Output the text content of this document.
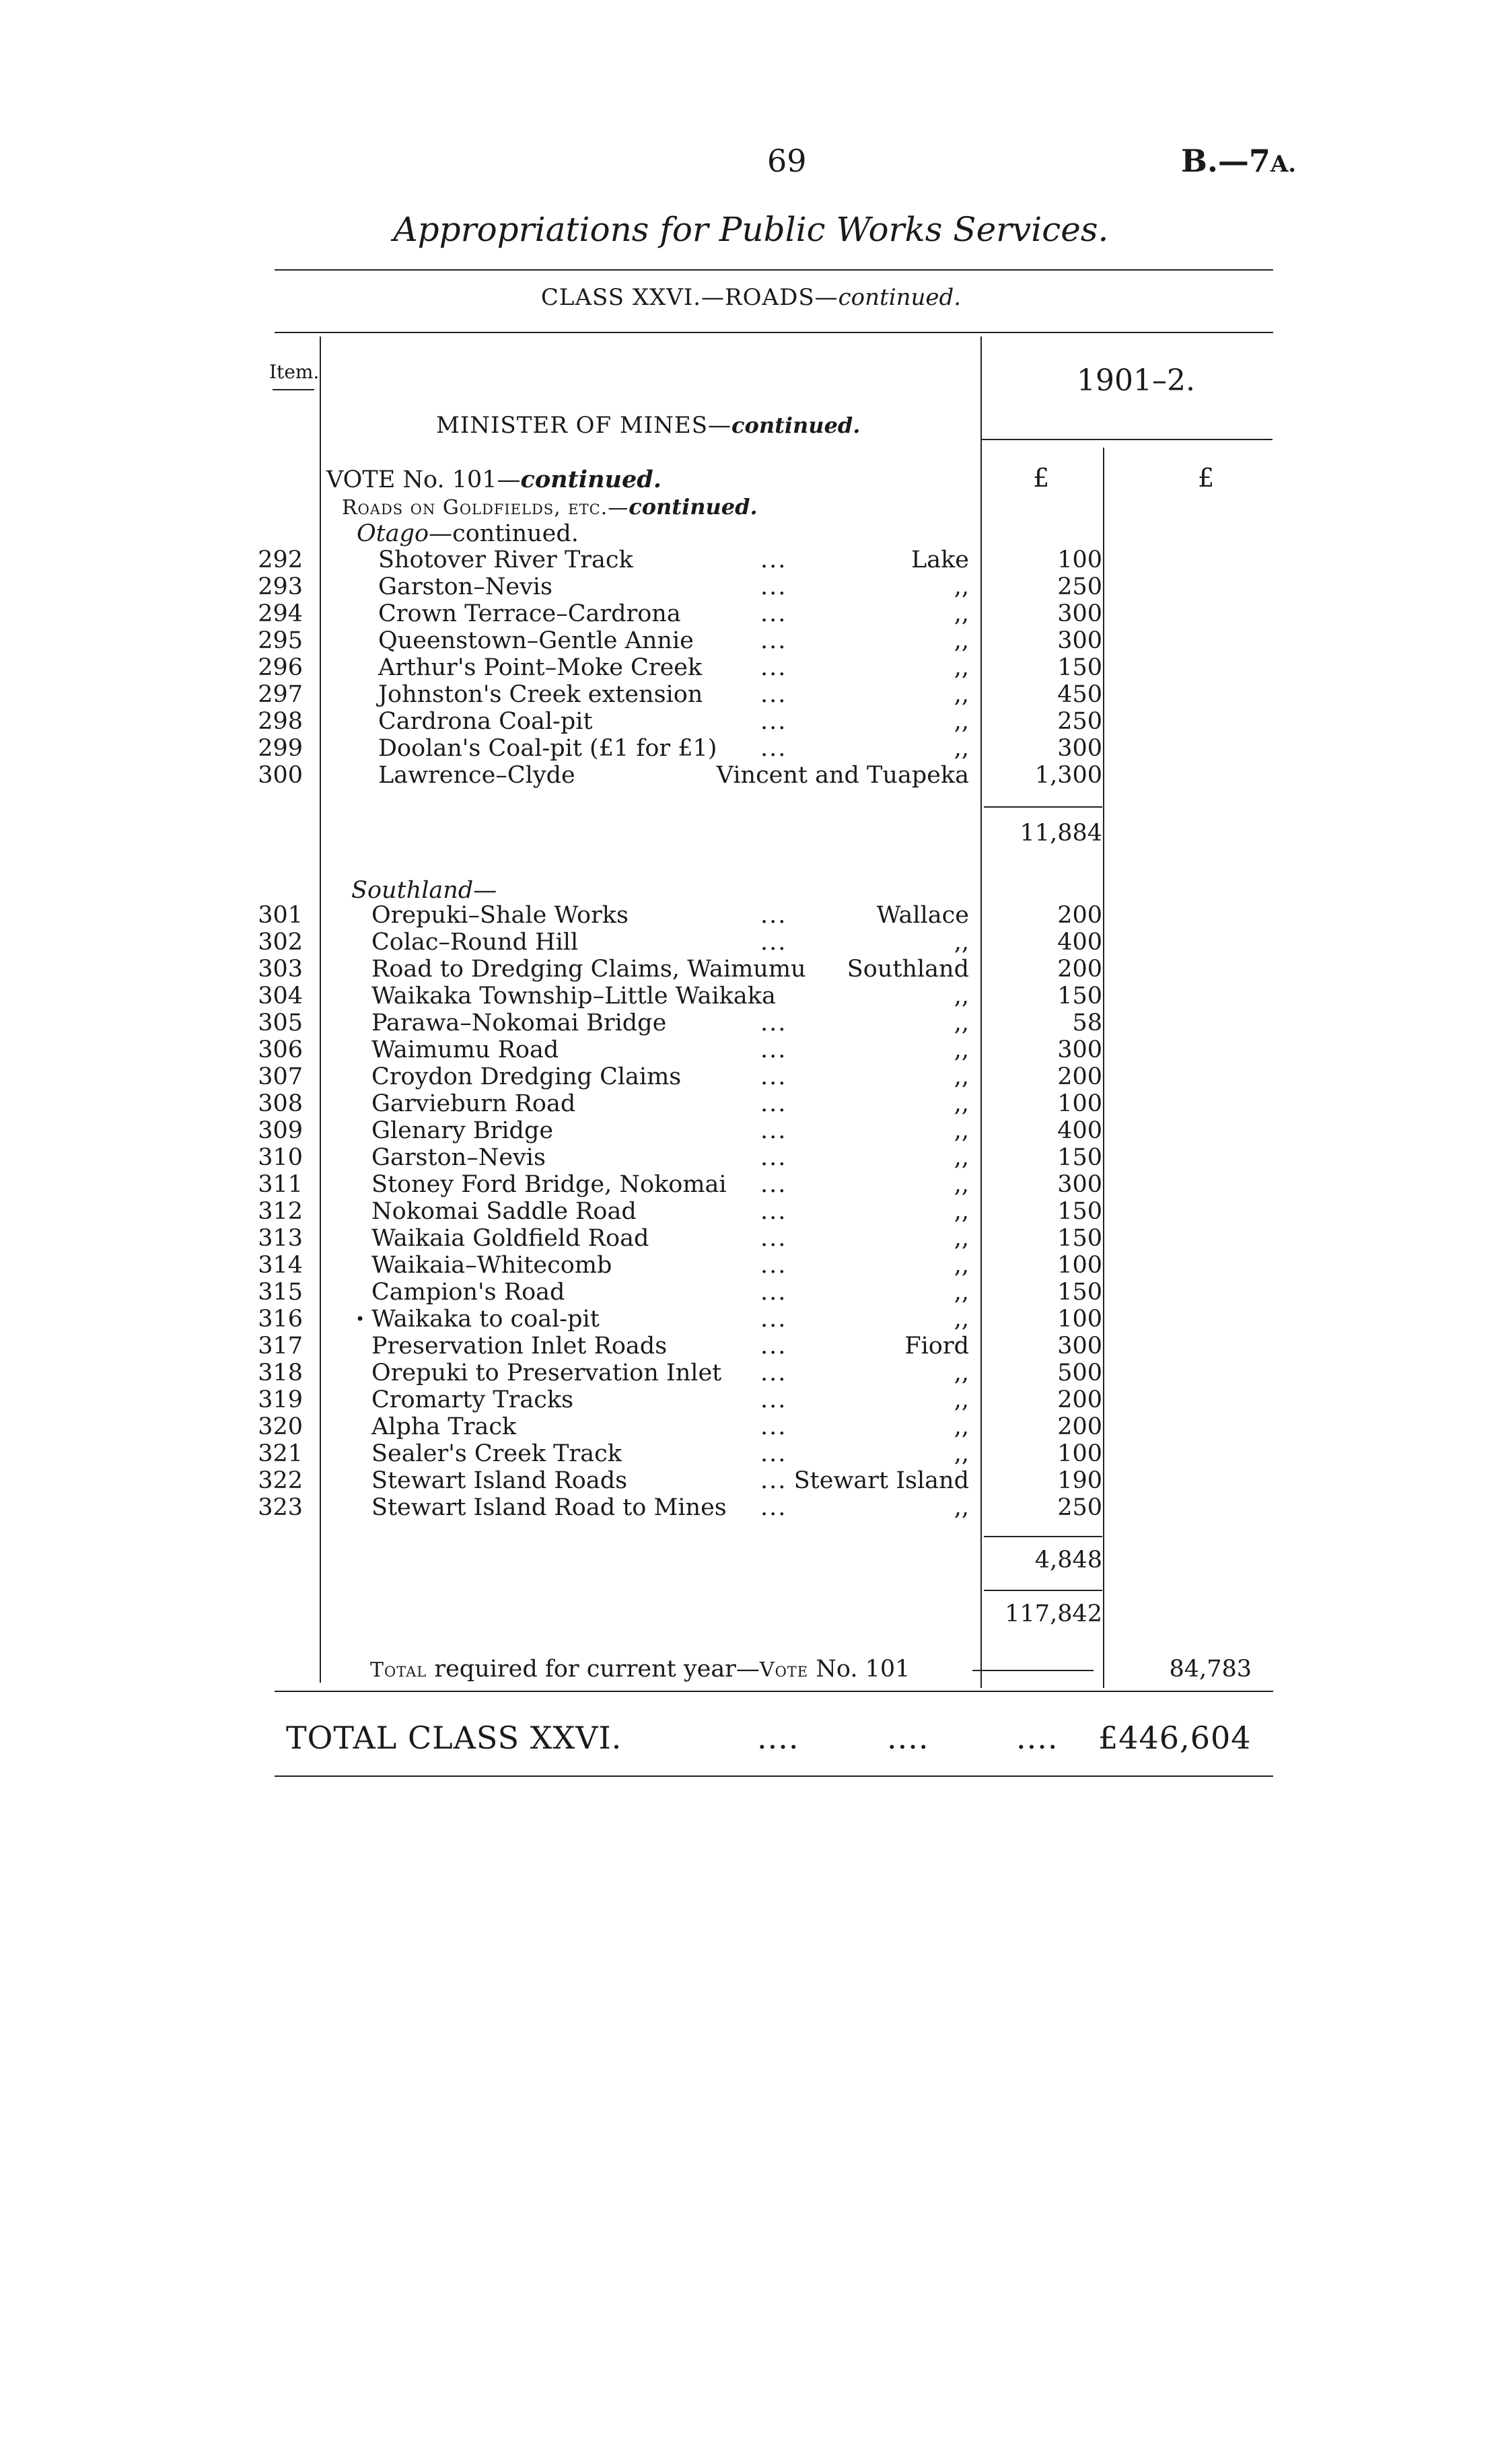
69	B.—7A.
Appropriations for Public Works Services.
CLASS XXVI.—ROADS—continued.
Item.	1901–2.
MINISTER OF MINES—continued.
£	£
VOTE No. 101—continued.
Roads on Goldfields, etc.—continued.
Otago—continued.
292	Shotover River Track	...	Lake	100
293	Garston–Nevis	...	,,	250
294	Crown Terrace–Cardrona	...	,,	300
295	Queenstown–Gentle Annie	...	,,	300
296	Arthur's Point–Moke Creek ...	,,	150
297	Johnston's Creek extension ...	,,	450
298	Cardrona Coal-pit	...	,,	250
299	Doolan's Coal-pit (£1 for £1) ...	,,	300
300	Lawrence–Clyde	Vincent and Tuapeka	1,300
11,884
Southland—
301	Orepuki–Shale Works	...	Wallace	200
302	Colac–Round Hill	...	,,	400
303	Road to Dredging Claims, Waimumu	Southland	200
304	Waikaka Township–Little Waikaka	,,	150
305	Parawa–Nokomai Bridge	...	,,	58
306	Waimumu Road	...	,,	300
307	Croydon Dredging Claims	...	,,	200
308	Garvieburn Road	...	,,	100
309	Glenary Bridge	...	,,	400
310	Garston–Nevis	...	,,	150
311	Stoney Ford Bridge, Nokomai ...	,,	300
312	Nokomai Saddle Road	...	,,	150
313	Waikaia Goldfield Road	...	,,	150
314	Waikaia–Whitecomb	...	,,	100
315	Campion's Road	...	,,	150
316	Waikaka to coal-pit	...	,,	100
317	Preservation Inlet Roads	...	Fiord	300
318	Orepuki to Preservation Inlet ...	,,	500
319	Cromarty Tracks	...	,,	200
320	Alpha Track	...	,,	200
321	Sealer's Creek Track	...	,,	100
322	Stewart Island Roads	... Stewart Island	190
323	Stewart Island Road to Mines ...	,,	250
4,848
117,842
Total required for current year—Vote No. 101	84,783
TOTAL CLASS XXVI.	....	....	.... £446,604
•
